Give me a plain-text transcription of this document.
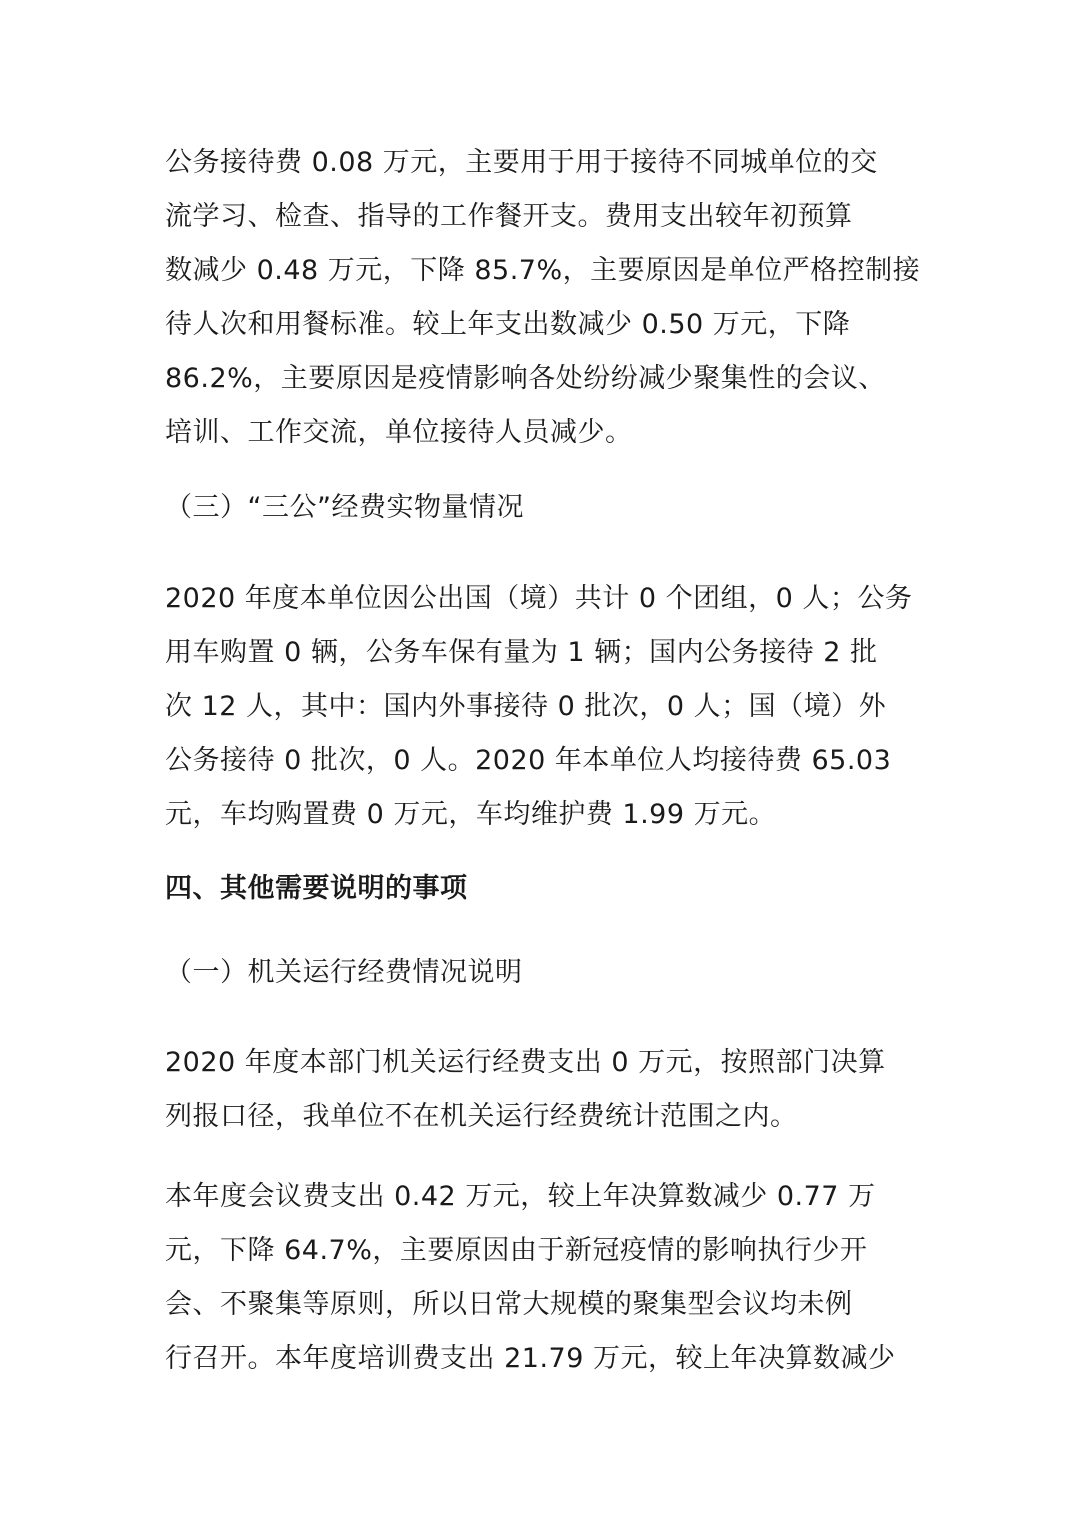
公务接待费 0.08 万元，主要用于用于接待不同城单位的交
流学习、检查、指导的工作餐开支。费用支出较年初预算
数减少 0.48 万元，下降 85.7%，主要原因是单位严格控制接
待人次和用餐标准。较上年支出数减少 0.50 万元，下降
86.2%，主要原因是疫情影响各处纷纷减少聚集性的会议、
培训、工作交流，单位接待人员减少。
（三）“三公”经费实物量情况
2020 年度本单位因公出国（境）共计 0 个团组，0 人；公务
用车购置 0 辆，公务车保有量为 1 辆；国内公务接待 2 批
次 12 人，其中：国内外事接待 0 批次，0 人；国（境）外
公务接待 0 批次，0 人。2020 年本单位人均接待费 65.03
元，车均购置费 0 万元，车均维护费 1.99 万元。
四、其他需要说明的事项
（一）机关运行经费情况说明
2020 年度本部门机关运行经费支出 0 万元，按照部门决算
列报口径，我单位不在机关运行经费统计范围之内。
本年度会议费支出 0.42 万元，较上年决算数减少 0.77 万
元，下降 64.7%，主要原因由于新冠疫情的影响执行少开
会、不聚集等原则，所以日常大规模的聚集型会议均未例
行召开。本年度培训费支出 21.79 万元，较上年决算数减少
